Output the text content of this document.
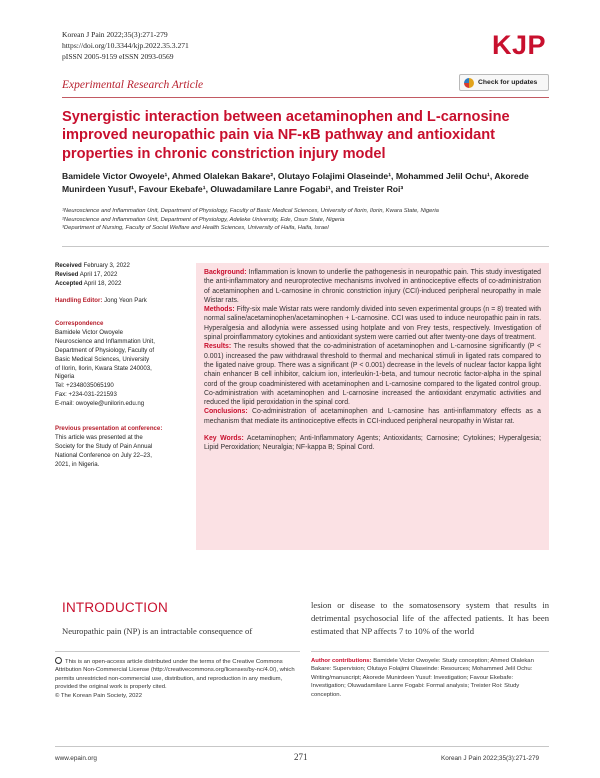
Korean J Pain 2022;35(3):271-279
https://doi.org/10.3344/kjp.2022.35.3.271
pISSN 2005-9159 eISSN 2093-0569	KJP
Experimental Research Article	Check for updates
Synergistic interaction between acetaminophen and L-carnosine improved neuropathic pain via NF-κB pathway and antioxidant properties in chronic constriction injury model
Bamidele Victor Owoyele¹, Ahmed Olalekan Bakare², Olutayo Folajimi Olaseinde¹, Mohammed Jelil Ochu¹, Akorede Munirdeen Yusuf¹, Favour Ekebafe¹, Oluwadamilare Lanre Fogabi¹, and Treister Roi³
¹Neuroscience and Inflammation Unit, Department of Physiology, Faculty of Basic Medical Sciences, University of Ilorin, Ilorin, Kwara State, Nigeria
²Neuroscience and Inflammation Unit, Department of Physiology, Adeleke University, Ede, Osun State, Nigeria
³Department of Nursing, Faculty of Social Welfare and Health Sciences, University of Haifa, Haifa, Israel
Received February 3, 2022
Revised April 17, 2022
Accepted April 18, 2022
Handling Editor: Jong Yeon Park
Correspondence
Bamidele Victor Owoyele
Neuroscience and Inflammation Unit,
Department of Physiology, Faculty of
Basic Medical Sciences, University
of Ilorin, Ilorin, Kwara State 240003,
Nigeria
Tel: +2348035065190
Fax: +234-031-221593
E-mail: owoyele@unilorin.edu.ng
Previous presentation at conference:
This article was presented at the
Society for the Study of Pain Annual
National Conference on July 22–23,
2021, in Nigeria.

Background: Inflammation is known to underlie the pathogenesis in neuropathic pain. This study investigated the anti-inflammatory and neuroprotective mechanisms involved in antinociceptive effects of co-administration of acetaminophen and L-carnosine in chronic constriction injury (CCI)-induced peripheral neuropathy in male Wistar rats.

Methods: Fifty-six male Wistar rats were randomly divided into seven experimental groups (n = 8) treated with normal saline/acetaminophen/acetaminophen + L-carnosine. CCI was used to induce neuropathic pain in rats. Hyperalgesia and allodynia were assessed using hotplate and von Frey tests, respectively. Investigation of spinal proinflammatory cytokines and antioxidant system were carried out after twenty-one days of treatment.

Results: The results showed that the co-administration of acetaminophen and L-carnosine significantly (P < 0.001) increased the paw withdrawal threshold to thermal and mechanical stimuli in ligated rats compared to the ligated naive group. There was a significant (P < 0.001) decrease in the levels of nuclear factor kappa light chain enhancer B cell inhibitor, calcium ion, interleukin-1-beta, and tumour necrotic factor-alpha in the spinal cord of the group coadministered with acetaminophen and L-carnosine compared to the ligated control group. Co-administration with acetaminophen and L-carnosine increased the antioxidant enzymatic activities and reduced the lipid peroxidation in the spinal cord.

Conclusions: Co-administration of acetaminophen and L-carnosine has anti-inflammatory effects as a mechanism that mediate its antinociceptive effects in CCI-induced peripheral neuropathy in Wistar rat.

Key Words: Acetaminophen; Anti-Inflammatory Agents; Antioxidants; Carnosine; Cytokines; Hyperalgesia; Lipid Peroxidation; Neuralgia; NF-kappa B; Spinal Cord.

INTRODUCTION
Neuropathic pain (NP) is an intractable consequence of
lesion or disease to the somatosensory system that results in detrimental psychosocial life of the affected patients. It has been estimated that NP affects 7 to 10% of the world
This is an open-access article distributed under the terms of the Creative Commons Attribution Non-Commercial License (http://creativecommons.org/licenses/by-nc/4.0/), which permits unrestricted non-commercial use, distribution, and reproduction in any medium, provided the original work is properly cited.
© The Korean Pain Society, 2022
Author contributions: Bamidele Victor Owoyele: Study conception; Ahmed Olalekan Bakare: Supervision; Olutayo Folajimi Olaseinde: Resources; Mohammed Jelil Ochu: Writing/manuscript; Akorede Munirdeen Yusuf: Investigation; Favour Ekebafe: Investigation; Oluwadamilare Lanre Fogabi: Formal analysis; Treister Roi: Study conception.
www.epain.org	271	Korean J Pain 2022;35(3):271-279
